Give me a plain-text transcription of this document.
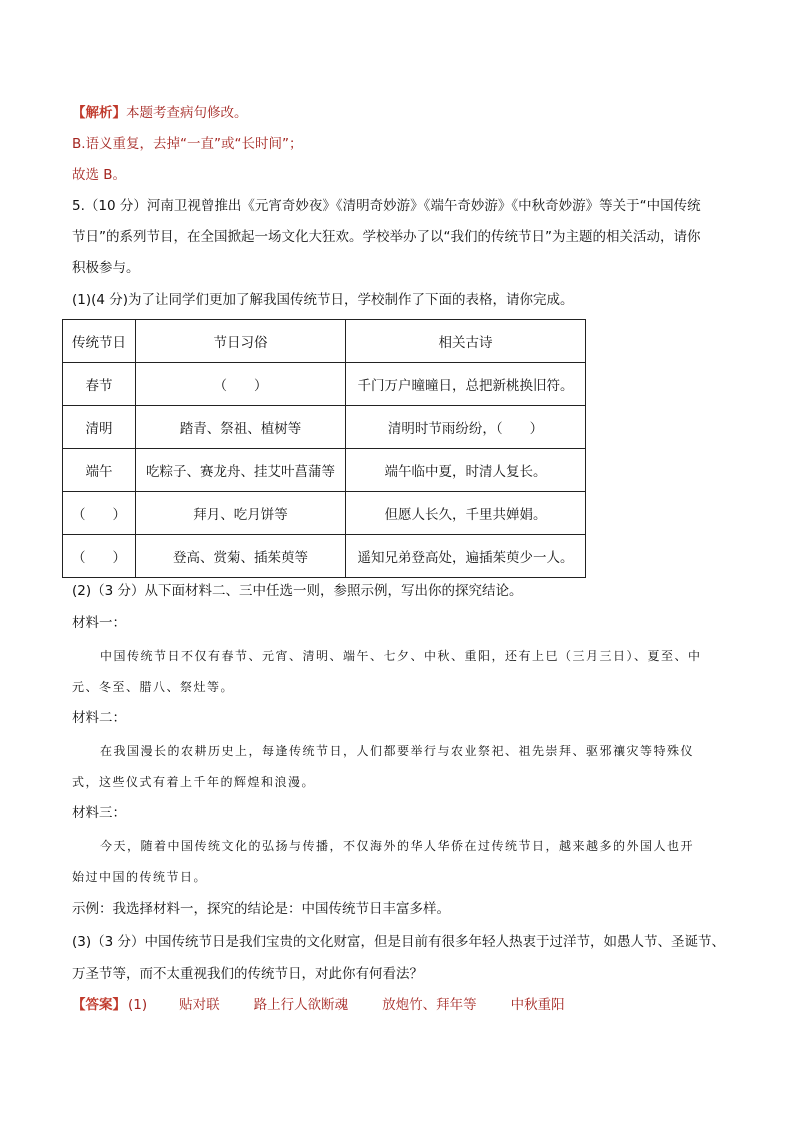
【解析】本题考查病句修改。
B.语义重复，去掉“一直”或“长时间”；
故选 B。
5.（10 分）河南卫视曾推出《元宵奇妙夜》《清明奇妙游》《端午奇妙游》《中秋奇妙游》等关于“中国传统
节日”的系列节目，在全国掀起一场文化大狂欢。学校举办了以“我们的传统节日”为主题的相关活动，请你
积极参与。
(1)(4 分)为了让同学们更加了解我国传统节日，学校制作了下面的表格，请你完成。
传统节日	节日习俗	相关古诗
春节	（　　）	千门万户曈曈日，总把新桃换旧符。
清明	踏青、祭祖、植树等	清明时节雨纷纷，（　　）
端午	吃粽子、赛龙舟、挂艾叶菖蒲等	端午临中夏，时清人复长。
（　　）	拜月、吃月饼等	但愿人长久，千里共婵娟。
（　　）	登高、赏菊、插茱萸等	遥知兄弟登高处，遍插茱萸少一人。
(2)（3 分）从下面材料二、三中任选一则，参照示例，写出你的探究结论。
材料一：
中国传统节日不仅有春节、元宵、清明、端午、七夕、中秋、重阳，还有上巳（三月三日）、夏至、中
元、冬至、腊八、祭灶等。
材料二：
在我国漫长的农耕历史上，每逢传统节日，人们都要举行与农业祭祀、祖先崇拜、驱邪禳灾等特殊仪
式，这些仪式有着上千年的辉煌和浪漫。
材料三：
今天，随着中国传统文化的弘扬与传播，不仅海外的华人华侨在过传统节日，越来越多的外国人也开
始过中国的传统节日。
示例：我选择材料一，探究的结论是：中国传统节日丰富多样。
(3)（3 分）中国传统节日是我们宝贵的文化财富，但是目前有很多年轻人热衷于过洋节，如愚人节、圣诞节、
万圣节等，而不太重视我们的传统节日，对此你有何看法？
【答案】 (1) 贴对联	路上行人欲断魂	放炮竹、拜年等	中秋重阳
